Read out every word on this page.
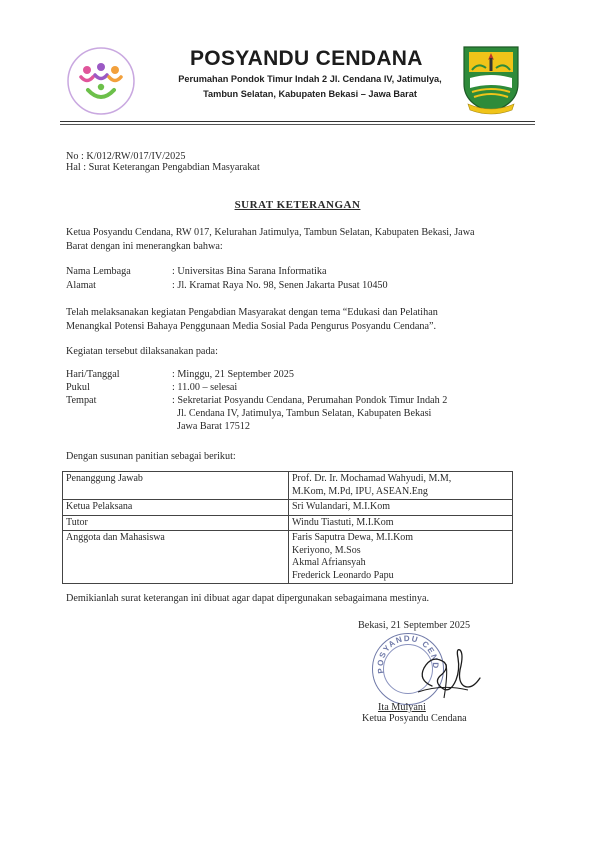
POSYANDU CENDANA
Perumahan Pondok Timur Indah 2 Jl. Cendana IV, Jatimulya,
Tambun Selatan, Kabupaten Bekasi – Jawa Barat
No : K/012/RW/017/IV/2025
Hal : Surat Keterangan Pengabdian Masyarakat
SURAT KETERANGAN
Ketua Posyandu Cendana, RW 017, Kelurahan Jatimulya, Tambun Selatan, Kabupaten Bekasi, Jawa
Barat dengan ini menerangkan bahwa:
Nama Lembaga	: Universitas Bina Sarana Informatika
Alamat	: Jl. Kramat Raya No. 98, Senen Jakarta Pusat 10450
Telah melaksanakan kegiatan Pengabdian Masyarakat dengan tema “Edukasi dan Pelatihan
Menangkal Potensi Bahaya Penggunaan Media Sosial Pada Pengurus Posyandu Cendana”.
Kegiatan tersebut dilaksanakan pada:
Hari/Tanggal	: Minggu, 21 September 2025
Pukul	: 11.00 – selesai
Tempat	: Sekretariat Posyandu Cendana, Perumahan Pondok Timur Indah 2
Jl. Cendana IV, Jatimulya, Tambun Selatan, Kabupaten Bekasi
Jawa Barat 17512
Dengan susunan panitian sebagai berikut:
Penanggung Jawab	Prof. Dr. Ir. Mochamad Wahyudi, M.M,
M.Kom, M.Pd, IPU, ASEAN.Eng

Ketua Pelaksana	Sri Wulandari, M.I.Kom

Tutor	Windu Tiastuti, M.I.Kom

Anggota dan Mahasiswa	Faris Saputra Dewa, M.I.Kom
Keriyono, M.Sos
Akmal Afriansyah
Frederick Leonardo Papu
Demikianlah surat keterangan ini dibuat agar dapat dipergunakan sebagaimana mestinya.
Bekasi, 21 September 2025
POSYANDU CEND
Ita Mulyani
Ketua Posyandu Cendana
